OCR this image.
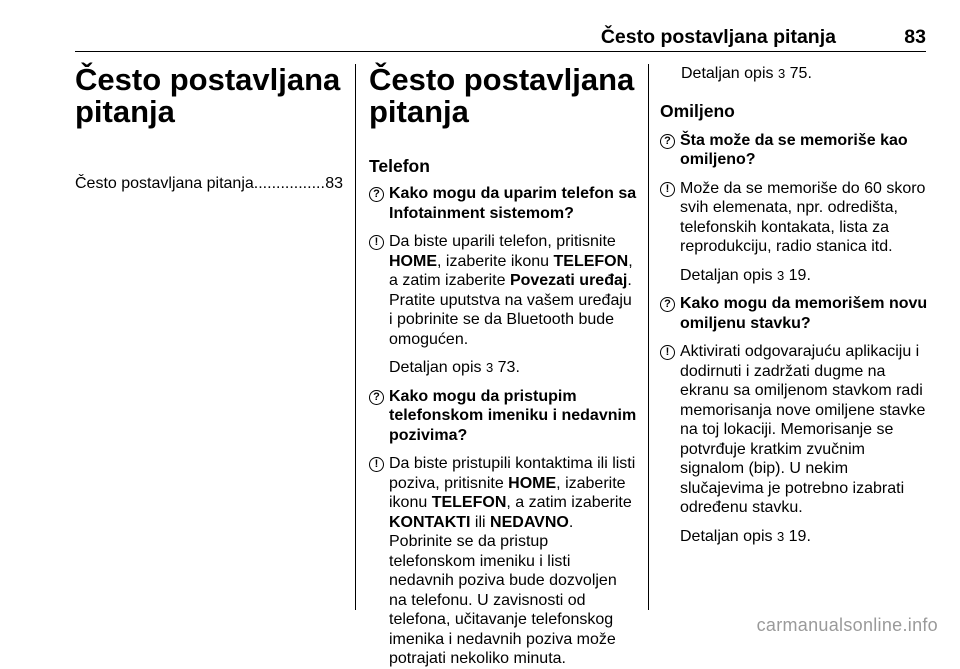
Često postavljana pitanja	83
Često postavljana pitanja
Često postavljana pitanja
.....	83
Često postavljana pitanja
Telefon
? Kako mogu da uparim telefon sa Infotainment sistemom?
! Da biste uparili telefon, pritisnite HOME, izaberite ikonu TELEFON, a zatim izaberite Povezati uređaj. Pratite uputstva na vašem uređaju i pobrinite se da Bluetooth bude omogućen.
Detaljan opis 3 73.
? Kako mogu da pristupim telefonskom imeniku i nedavnim pozivima?
! Da biste pristupili kontaktima ili listi poziva, pritisnite HOME, izaberite ikonu TELEFON, a zatim izaberite KONTAKTI ili NEDAVNO. Pobrinite se da pristup telefonskom imeniku i listi nedavnih poziva bude dozvoljen na telefonu. U zavisnosti od telefona, učitavanje telefonskog imenika i nedavnih poziva može potrajati nekoliko minuta.
Detaljan opis 3 75.
Omiljeno
? Šta može da se memoriše kao omiljeno?
! Može da se memoriše do 60 skoro svih elemenata, npr. odredišta, telefonskih kontakata, lista za reprodukciju, radio stanica itd.
Detaljan opis 3 19.
? Kako mogu da memorišem novu omiljenu stavku?
! Aktivirati odgovarajuću aplikaciju i dodirnuti i zadržati dugme na ekranu sa omiljenom stavkom radi memorisanja nove omiljene stavke na toj lokaciji. Memorisanje se potvrđuje kratkim zvučnim signalom (bip). U nekim slučajevima je potrebno izabrati određenu stavku.
Detaljan opis 3 19.
carmanualsonline.info
